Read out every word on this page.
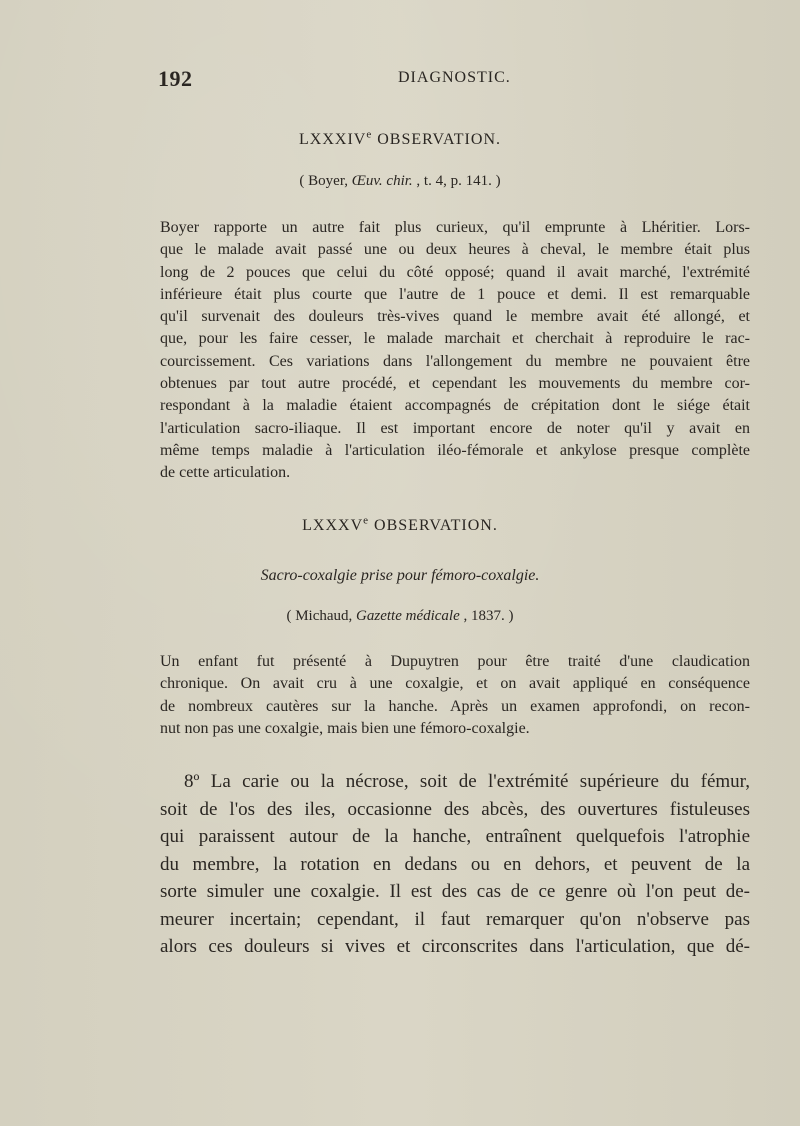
192	DIAGNOSTIC.
LXXXIVe OBSERVATION.
( Boyer, Œuv. chir. , t. 4, p. 141. )
Boyer rapporte un autre fait plus curieux, qu'il emprunte à Lhéritier. Lors-
que le malade avait passé une ou deux heures à cheval, le membre était plus
long de 2 pouces que celui du côté opposé; quand il avait marché, l'extrémité
inférieure était plus courte que l'autre de 1 pouce et demi. Il est remarquable
qu'il survenait des douleurs très-vives quand le membre avait été allongé, et
que, pour les faire cesser, le malade marchait et cherchait à reproduire le rac-
courcissement. Ces variations dans l'allongement du membre ne pouvaient être
obtenues par tout autre procédé, et cependant les mouvements du membre cor-
respondant à la maladie étaient accompagnés de crépitation dont le siége était
l'articulation sacro-iliaque. Il est important encore de noter qu'il y avait en
même temps maladie à l'articulation iléo-fémorale et ankylose presque complète
de cette articulation.
LXXXVe OBSERVATION.
Sacro-coxalgie prise pour fémoro-coxalgie.
( Michaud, Gazette médicale , 1837. )
Un enfant fut présenté à Dupuytren pour être traité d'une claudication
chronique. On avait cru à une coxalgie, et on avait appliqué en conséquence
de nombreux cautères sur la hanche. Après un examen approfondi, on recon-
nut non pas une coxalgie, mais bien une fémoro-coxalgie.
8º La carie ou la nécrose, soit de l'extrémité supérieure du fémur,
soit de l'os des iles, occasionne des abcès, des ouvertures fistuleuses
qui paraissent autour de la hanche, entraînent quelquefois l'atrophie
du membre, la rotation en dedans ou en dehors, et peuvent de la
sorte simuler une coxalgie. Il est des cas de ce genre où l'on peut de-
meurer incertain; cependant, il faut remarquer qu'on n'observe pas
alors ces douleurs si vives et circonscrites dans l'articulation, que dé-
